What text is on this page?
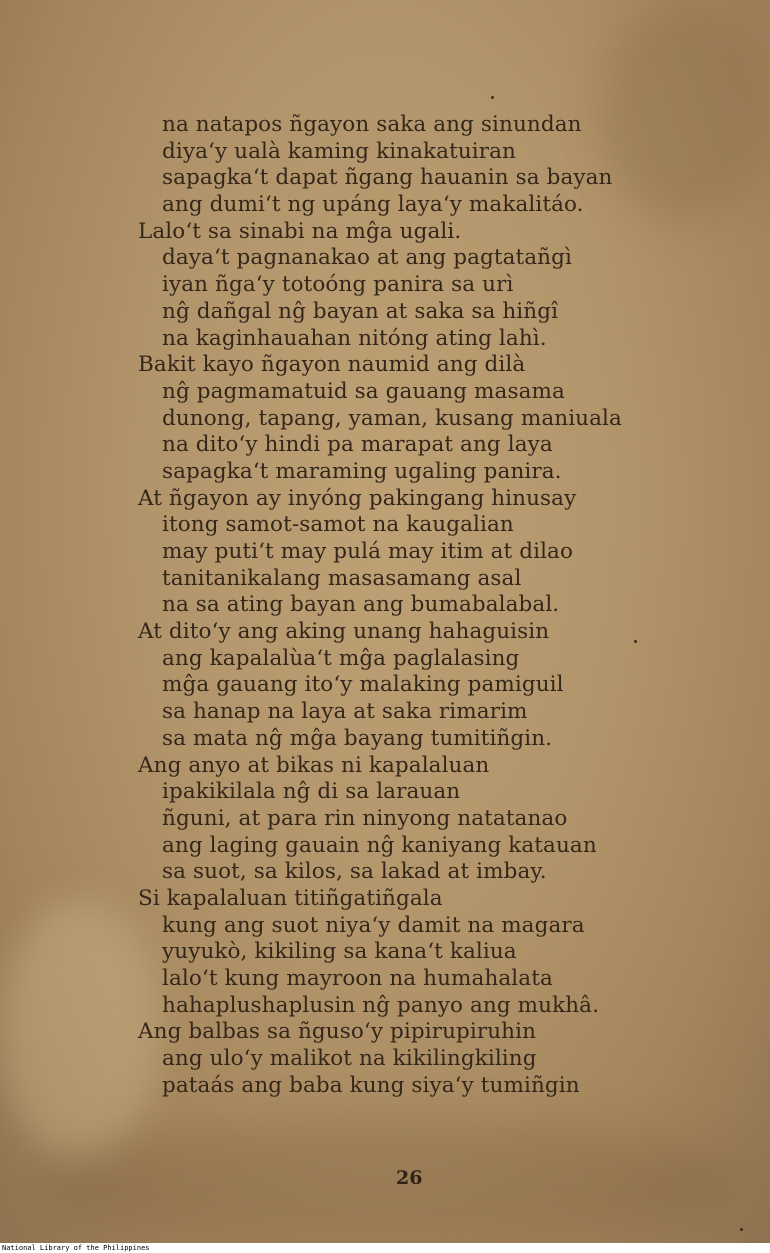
na natapos ñgayon saka ang sinundan
diya‘y ualà kaming kinakatuiran
sapagka‘t dapat ñgang hauanin sa bayan
ang dumi‘t ng upáng laya‘y makalitáo.
Lalo‘t sa sinabi na mĝa ugali.
daya‘t pagnanakao at ang pagtatañgì
iyan ñga‘y totoóng panira sa urì
nĝ dañgal nĝ bayan at saka sa hiñgî
na kaginhauahan nitóng ating lahì.
Bakit kayo ñgayon naumid ang dilà
nĝ pagmamatuid sa gauang masama
dunong, tapang, yaman, kusang maniuala
na dito‘y hindi pa marapat ang laya
sapagka‘t maraming ugaling panira.
At ñgayon ay inyóng pakingang hinusay
itong samot-samot na kaugalian
may puti‘t may pulá may itim at dilao
tanitanikalang masasamang asal
na sa ating bayan ang bumabalabal.
At dito‘y ang aking unang hahaguisin
ang kapalalùa‘t mĝa paglalasing
mĝa gauang ito‘y malaking pamiguil
sa hanap na laya at saka rimarim
sa mata nĝ mĝa bayang tumitiñgin.
Ang anyo at bikas ni kapalaluan
ipakikilala nĝ di sa larauan
ñguni, at para rin ninyong natatanao
ang laging gauain nĝ kaniyang katauan
sa suot, sa kilos, sa lakad at imbay.
Si kapalaluan titiñgatiñgala
kung ang suot niya‘y damit na magara
yuyukò, kikiling sa kana‘t kaliua
lalo‘t kung mayroon na humahalata
hahaplushaplusin nĝ panyo ang mukhâ.
Ang balbas sa ñguso‘y pipirupiruhin
ang ulo‘y malikot na kikilingkiling
pataás ang baba kung siya‘y tumiñgin
26
National Library of the Philippines
